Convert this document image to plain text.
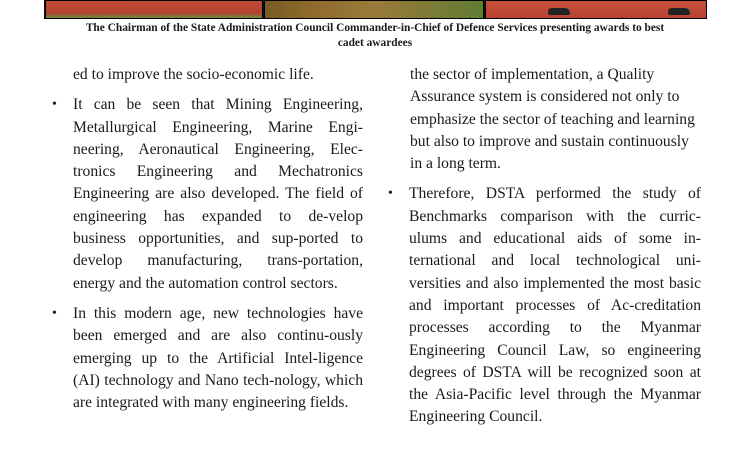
The Chairman of the State Administration Council Commander-in-Chief of Defence Services presenting awards to best
cadet awardees

ed to improve the socio-economic life.

•	It can be seen that Mining Engineering, Metallurgical Engineering, Marine Engi-neering, Aeronautical Engineering, Elec-tronics Engineering and Mechatronics Engineering are also developed. The field of engineering has expanded to de-velop business opportunities, and sup-ported to develop manufacturing, trans-portation, energy and the automation control sectors.

•	In this modern age, new technologies have been emerged and are also continu-ously emerging up to the Artificial Intel-ligence (AI) technology and Nano tech-nology, which are integrated with many engineering fields.

the sector of implementation, a Quality Assurance system is considered not only to emphasize the sector of teaching and learning but also to improve and sustain continuously in a long term.

•	Therefore, DSTA performed the study of Benchmarks comparison with the curric-ulums and educational aids of some in-ternational and local technological uni-versities and also implemented the most basic and important processes of Ac-creditation processes according to the Myanmar Engineering Council Law, so engineering degrees of DSTA will be recognized soon at the Asia-Pacific level through the Myanmar Engineering Council.
